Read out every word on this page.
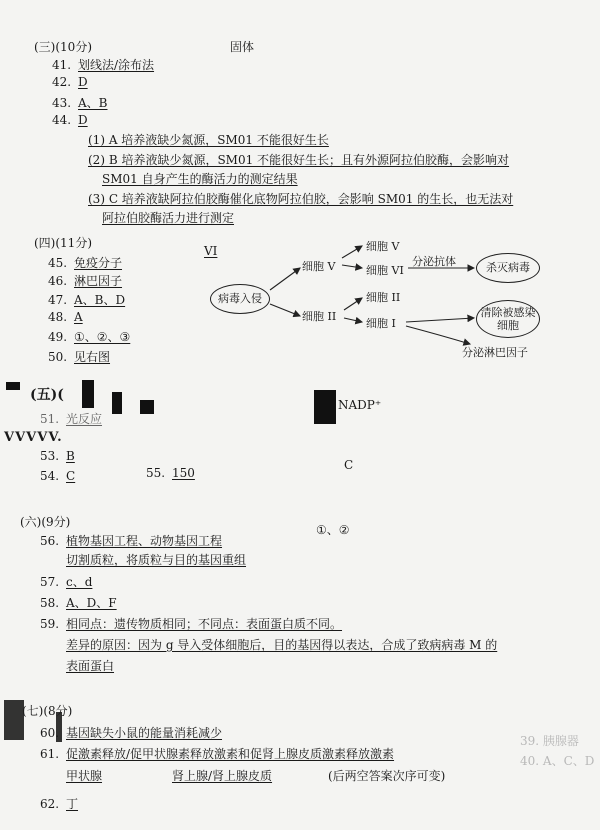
(三)(10分)	固体
41. 划线法/涂布法
42. D
43. A、B
44. D
(1) A 培养液缺少氮源，SM01 不能很好生长
(2) B 培养液缺少氮源，SM01 不能很好生长；且有外源阿拉伯胶酶，会影响对
SM01 自身产生的酶活力的测定结果
(3) C 培养液缺阿拉伯胶酶催化底物阿拉伯胶，会影响 SM01 的生长，也无法对
阿拉伯胶酶活力进行测定
(四)(11分)
45. 免疫分子
46. 淋巴因子
47. A、B、D
48. A
49. ①、②、③
50. 见右图
VI
病毒入侵
细胞 V
细胞 II
细胞 V
细胞 VI
细胞 II
细胞 I
分泌抗体	杀灭病毒
清除被感染细胞
分泌淋巴因子
(五)(
NADP⁺
51. 光反应
VVVVV.
53. B
54. C	55. 150
C
(六)(9分)
①、②
56. 植物基因工程、动物基因工程
切割质粒，将质粒与目的基因重组
57. c、d
58. A、D、F
59. 相同点：遗传物质相同；不同点：表面蛋白质不同。
差异的原因：因为 g 导入受体细胞后，目的基因得以表达，合成了致病病毒 M 的
表面蛋白
(七)(8分)
60. 基因缺失小鼠的能量消耗减少
61. 促激素释放/促甲状腺素释放激素和促肾上腺皮质激素释放激素
甲状腺	肾上腺/肾上腺皮质	(后两空答案次序可变)
62. 丁
39. 胰腺器
40. A、C、D
